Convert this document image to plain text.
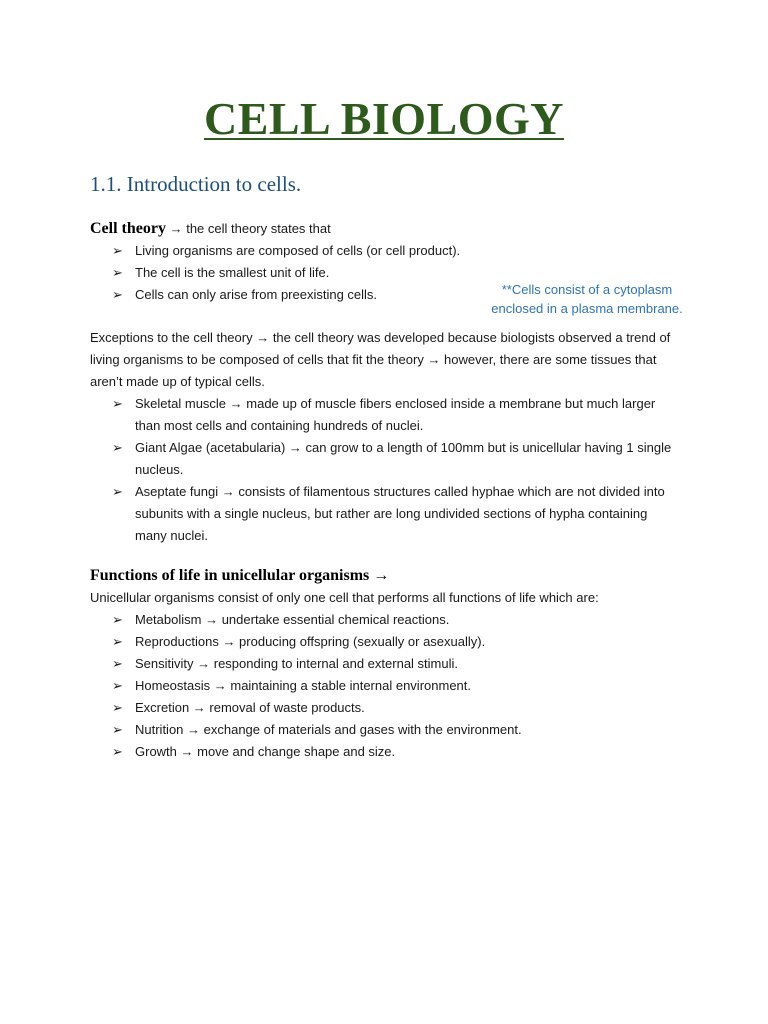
CELL BIOLOGY
1.1. Introduction to cells.
Cell theory → the cell theory states that
➢ Living organisms are composed of cells (or cell product).
➢ The cell is the smallest unit of life.
➢ Cells can only arise from preexisting cells.	**Cells consist of a cytoplasm
enclosed in a plasma membrane.
Exceptions to the cell theory → the cell theory was developed because biologists observed a trend of living organisms to be composed of cells that fit the theory → however, there are some tissues that aren’t made up of typical cells.
➢ Skeletal muscle → made up of muscle fibers enclosed inside a membrane but much larger than most cells and containing hundreds of nuclei.
➢ Giant Algae (acetabularia) → can grow to a length of 100mm but is unicellular having 1 single nucleus.
➢ Aseptate fungi → consists of filamentous structures called hyphae which are not divided into subunits with a single nucleus, but rather are long undivided sections of hypha containing many nuclei.
Functions of life in unicellular organisms →
Unicellular organisms consist of only one cell that performs all functions of life which are:
➢ Metabolism → undertake essential chemical reactions.
➢ Reproductions → producing offspring (sexually or asexually).
➢ Sensitivity → responding to internal and external stimuli.
➢ Homeostasis → maintaining a stable internal environment.
➢ Excretion → removal of waste products.
➢ Nutrition → exchange of materials and gases with the environment.
➢ Growth → move and change shape and size.
